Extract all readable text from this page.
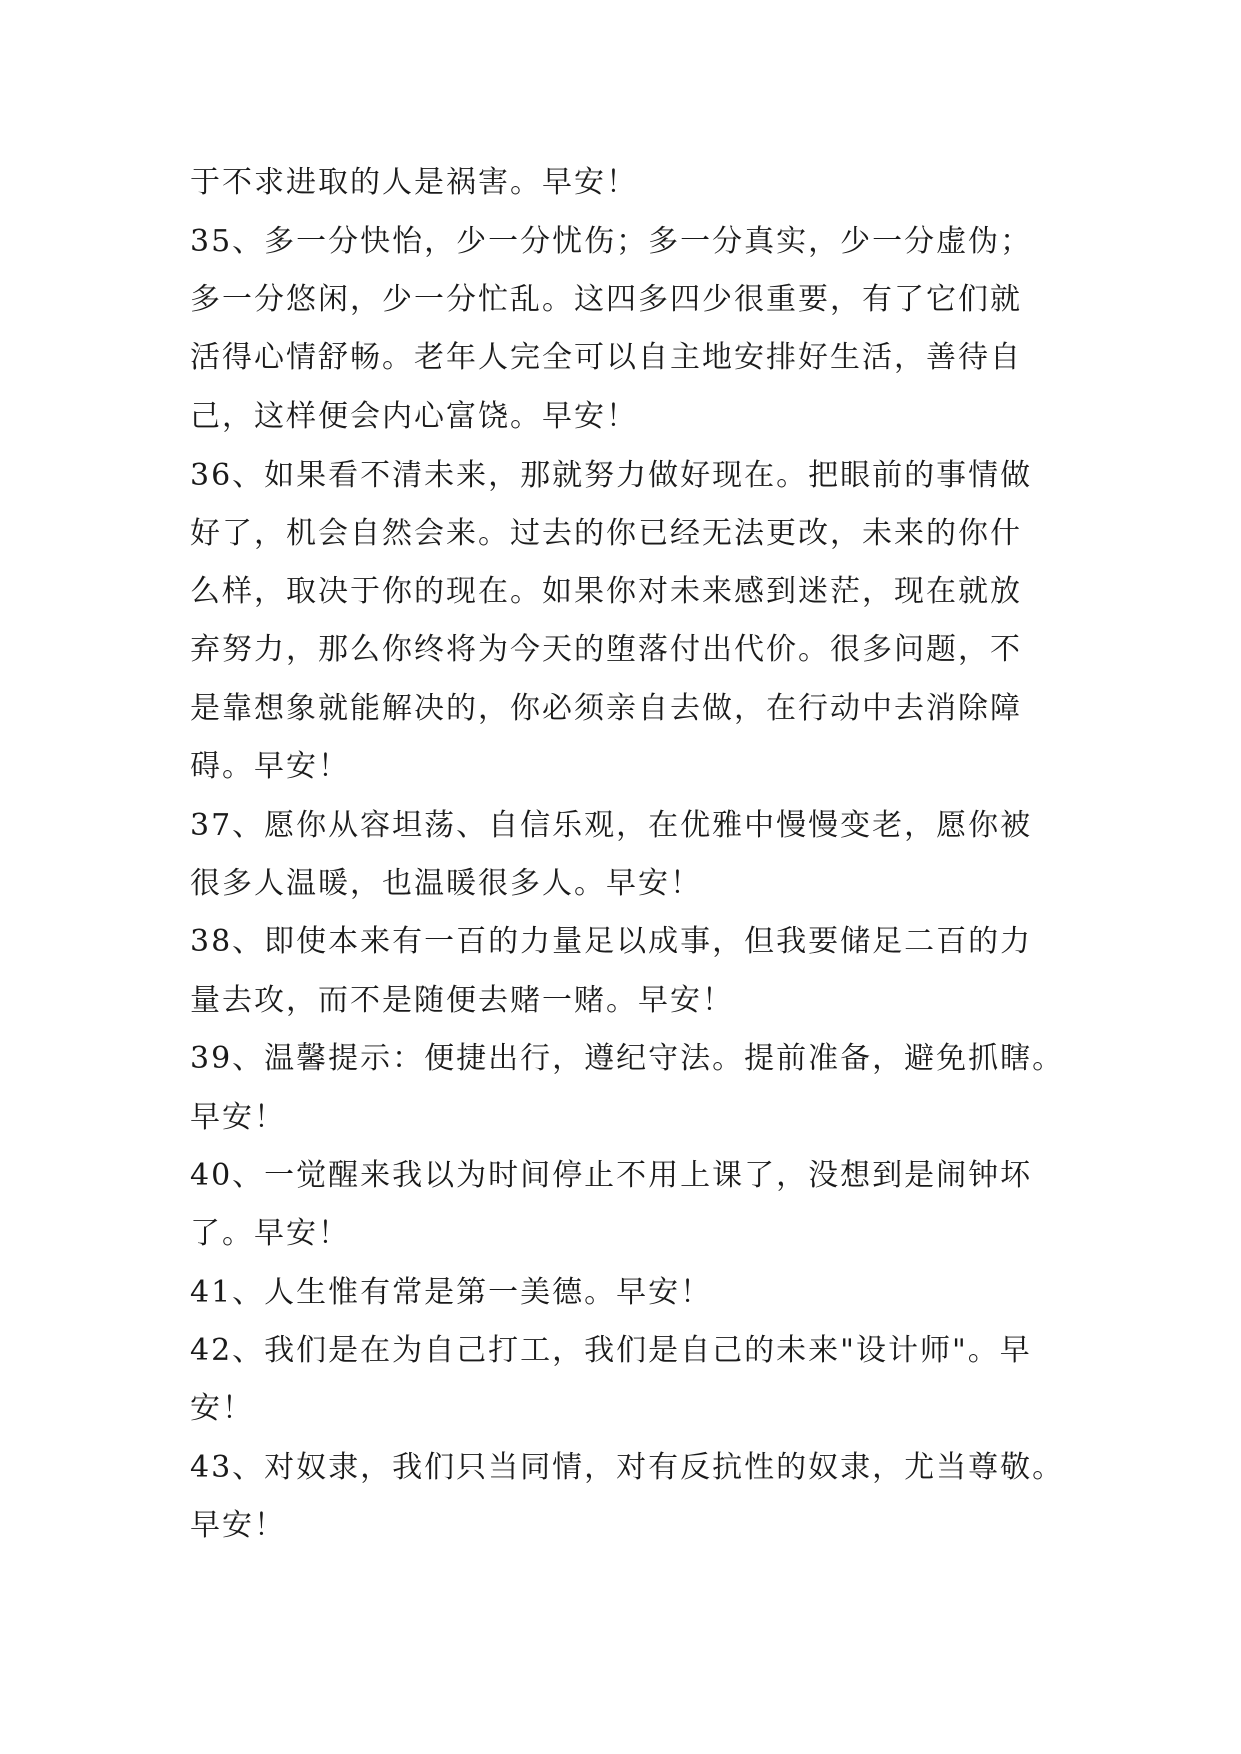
于不求进取的人是祸害。早安！
35、多一分快怡，少一分忧伤；多一分真实，少一分虚伪；
多一分悠闲，少一分忙乱。这四多四少很重要，有了它们就
活得心情舒畅。老年人完全可以自主地安排好生活，善待自
己，这样便会内心富饶。早安！
36、如果看不清未来，那就努力做好现在。把眼前的事情做
好了，机会自然会来。过去的你已经无法更改，未来的你什
么样，取决于你的现在。如果你对未来感到迷茫，现在就放
弃努力，那么你终将为今天的堕落付出代价。很多问题，不
是靠想象就能解决的，你必须亲自去做，在行动中去消除障
碍。早安！
37、愿你从容坦荡、自信乐观，在优雅中慢慢变老，愿你被
很多人温暖，也温暖很多人。早安！
38、即使本来有一百的力量足以成事，但我要储足二百的力
量去攻，而不是随便去赌一赌。早安！
39、温馨提示：便捷出行，遵纪守法。提前准备，避免抓瞎。
早安！
40、一觉醒来我以为时间停止不用上课了，没想到是闹钟坏
了。早安！
41、人生惟有常是第一美德。早安！
42、我们是在为自己打工，我们是自己的未来"设计师"。早
安！
43、对奴隶，我们只当同情，对有反抗性的奴隶，尤当尊敬。
早安！
